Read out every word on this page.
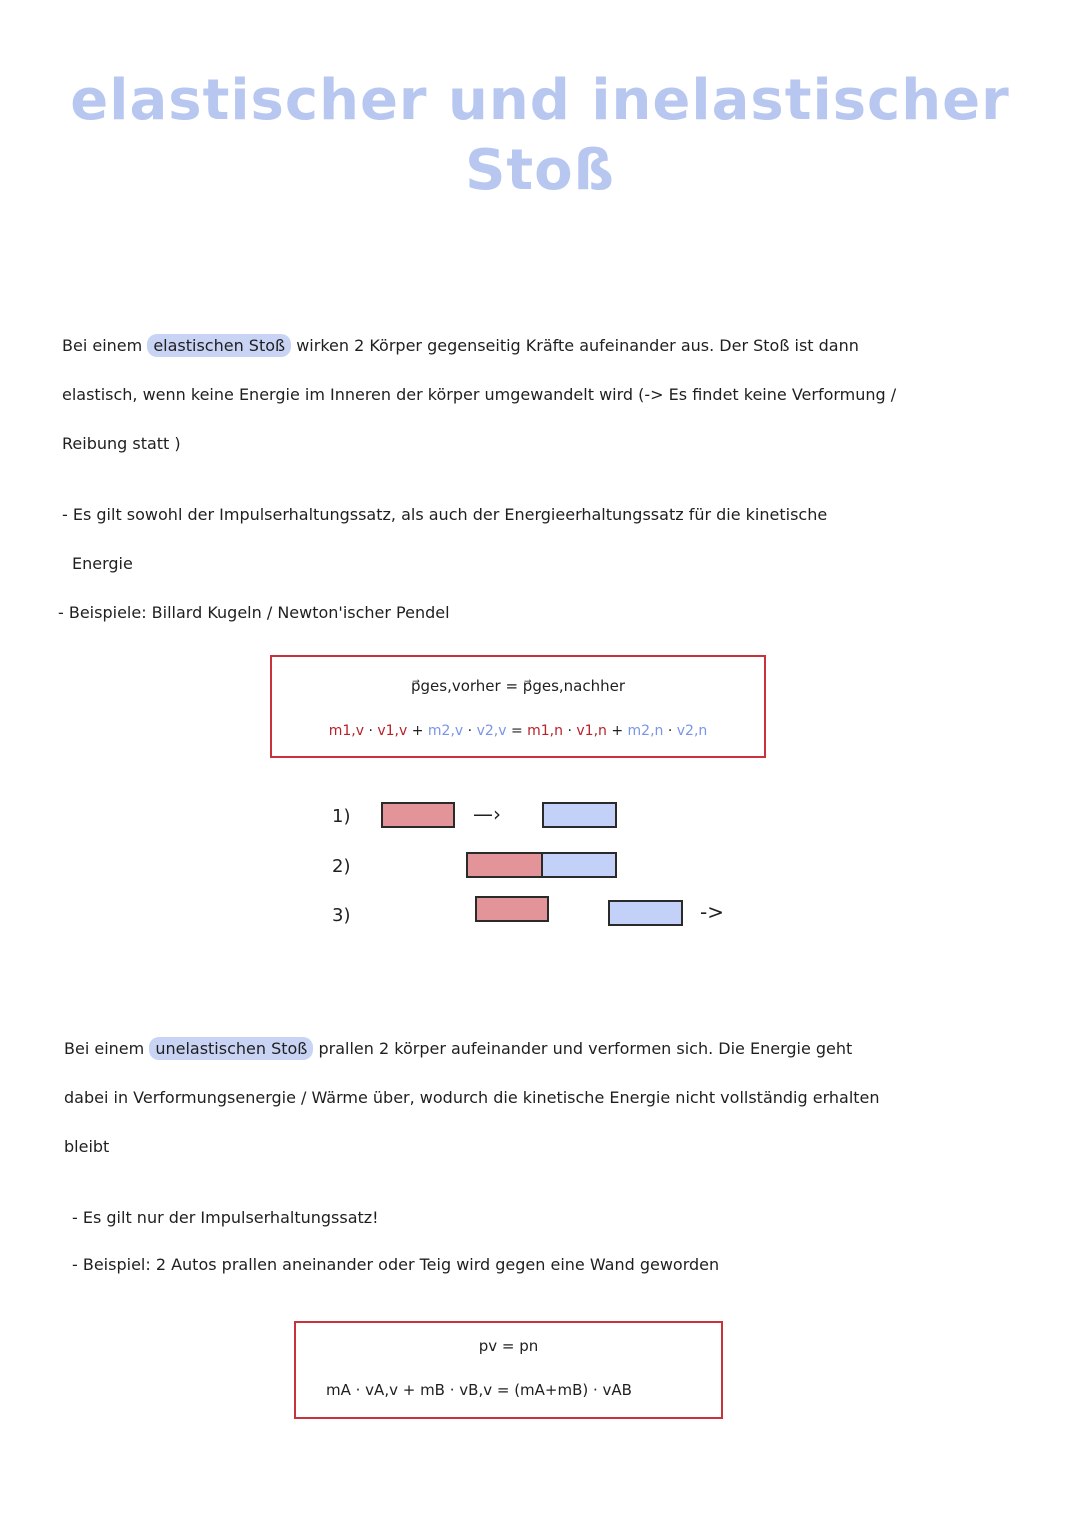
elastischer und inelastischer
Stoß
Bei einem elastischen Stoß wirken 2 Körper gegenseitig Kräfte aufeinander aus. Der Stoß ist dann
elastisch, wenn keine Energie im Inneren der körper umgewandelt wird (-> Es findet keine Verformung /
Reibung statt )
- Es gilt sowohl der Impulserhaltungssatz, als auch der Energieerhaltungssatz für die kinetische
Energie
- Beispiele: Billard Kugeln / Newton'ischer Pendel
p⃗ges,vorher = p⃗ges,nachher
m1,v · v1,v + m2,v · v2,v = m1,n · v1,n + m2,n · v2,n
1)	—›
2)
3)	->
Bei einem unelastischen Stoß prallen 2 körper aufeinander und verformen sich. Die Energie geht
dabei in Verformungsenergie / Wärme über, wodurch die kinetische Energie nicht vollständig erhalten
bleibt
- Es gilt nur der Impulserhaltungssatz!
- Beispiel: 2 Autos prallen aneinander oder Teig wird gegen eine Wand geworden
pv = pn
mA · vA,v + mB · vB,v = (mA+mB) · vAB
